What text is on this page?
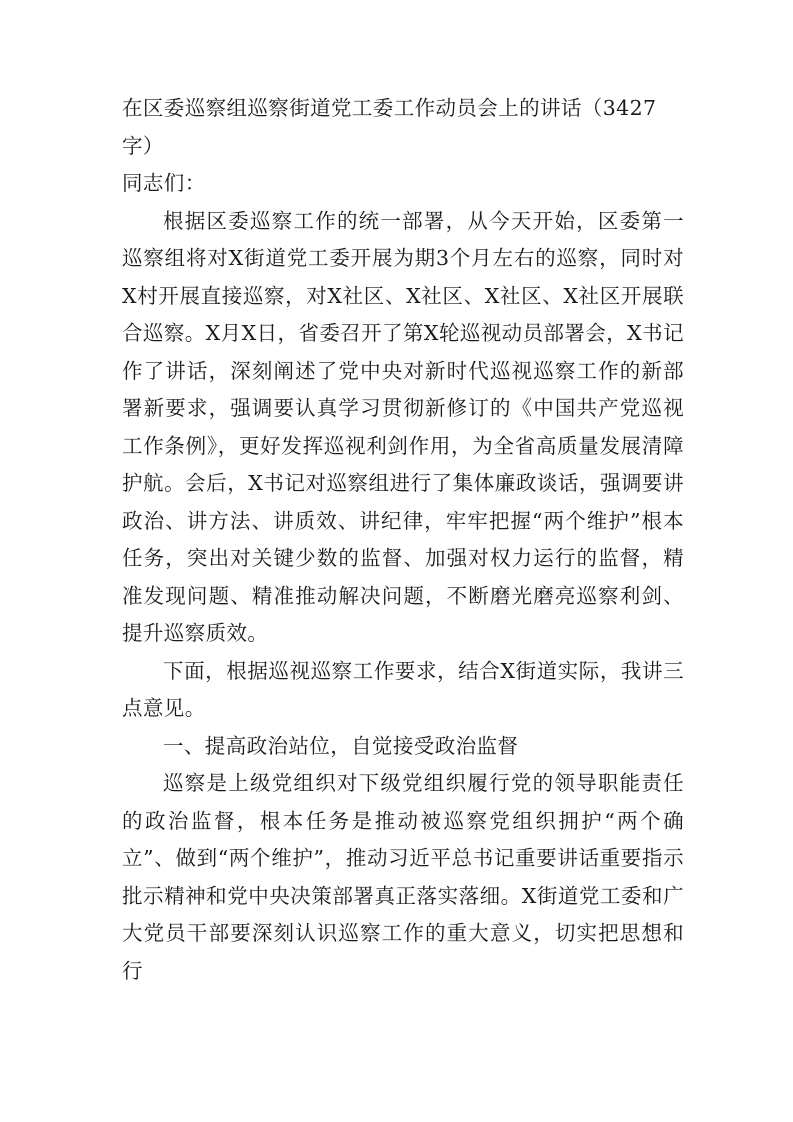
在区委巡察组巡察街道党工委工作动员会上的讲话（3427字）

同志们：

根据区委巡察工作的统一部署，从今天开始，区委第一巡察组将对X街道党工委开展为期3个月左右的巡察，同时对X村开展直接巡察，对X社区、X社区、X社区、X社区开展联合巡察。X月X日，省委召开了第X轮巡视动员部署会，X书记作了讲话，深刻阐述了党中央对新时代巡视巡察工作的新部署新要求，强调要认真学习贯彻新修订的《中国共产党巡视工作条例》，更好发挥巡视利剑作用，为全省高质量发展清障护航。会后，X书记对巡察组进行了集体廉政谈话，强调要讲政治、讲方法、讲质效、讲纪律，牢牢把握“两个维护”根本任务，突出对关键少数的监督、加强对权力运行的监督，精准发现问题、精准推动解决问题，不断磨光磨亮巡察利剑、提升巡察质效。

下面，根据巡视巡察工作要求，结合X街道实际，我讲三点意见。

一、提高政治站位，自觉接受政治监督

巡察是上级党组织对下级党组织履行党的领导职能责任的政治监督，根本任务是推动被巡察党组织拥护“两个确立”、做到“两个维护”，推动习近平总书记重要讲话重要指示批示精神和党中央决策部署真正落实落细。X街道党工委和广大党员干部要深刻认识巡察工作的重大意义，切实把思想和行
